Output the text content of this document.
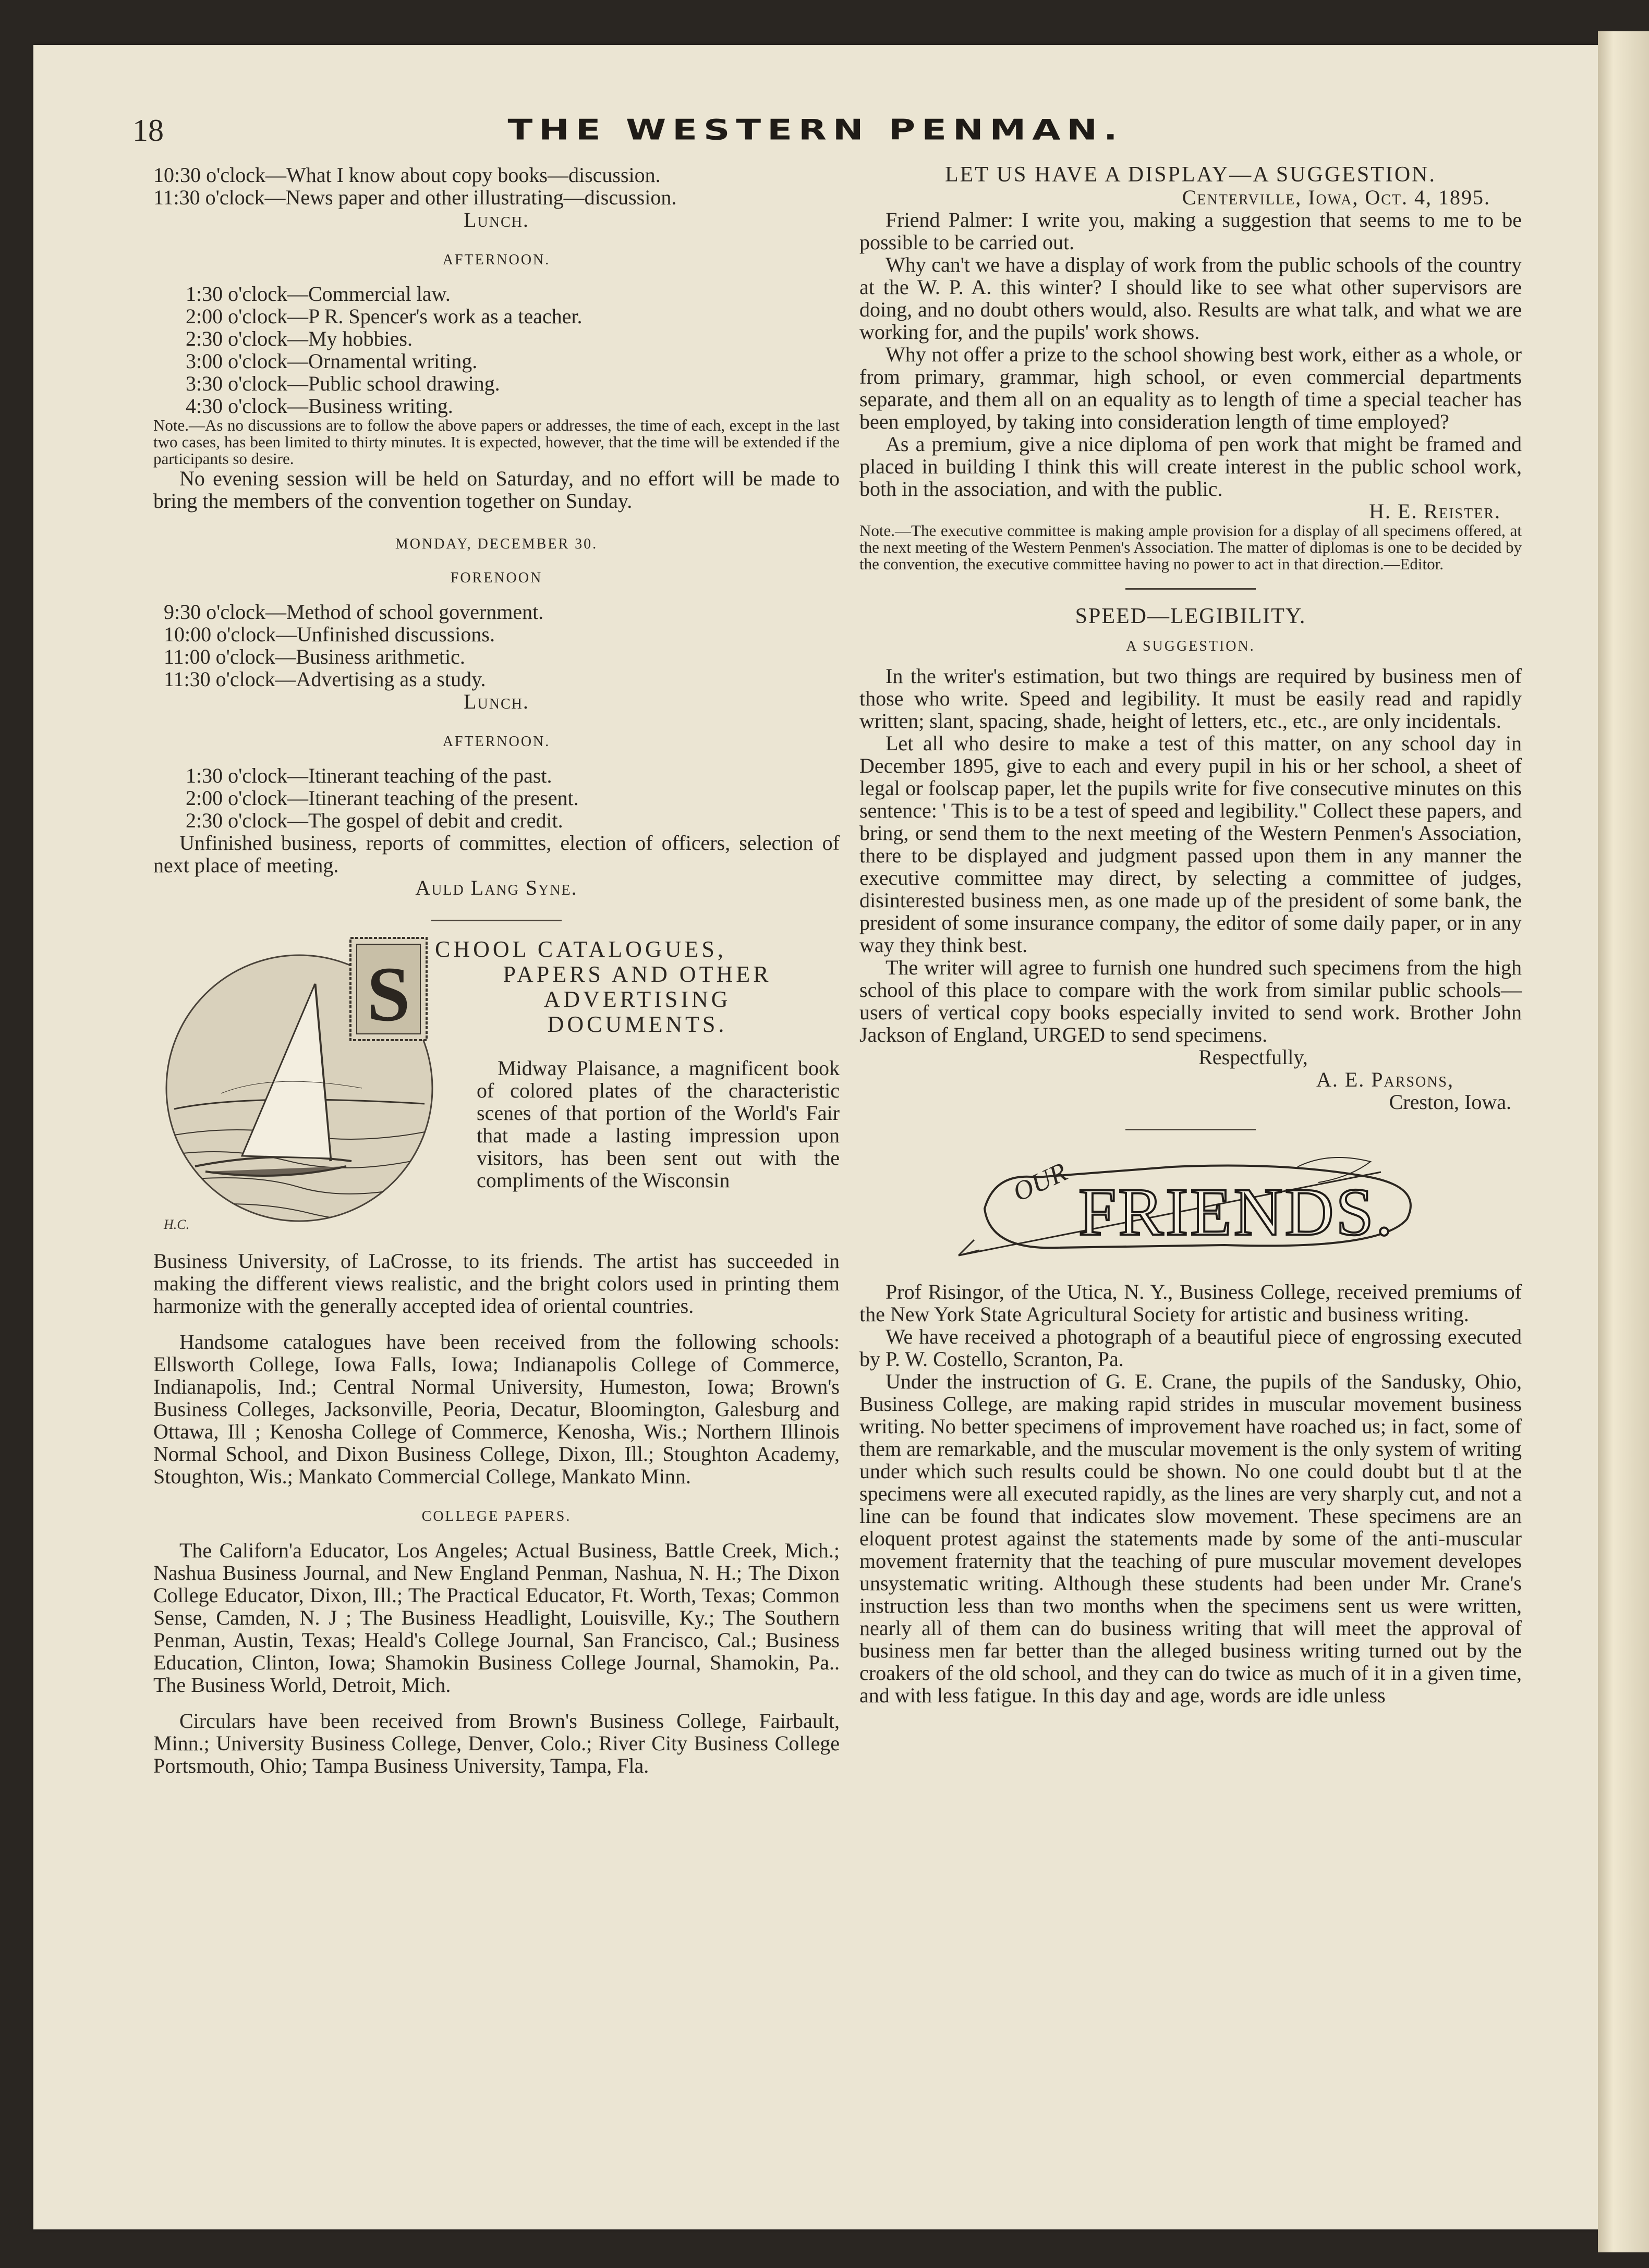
18	THE WESTERN PENMAN.

10:30 o'clock—What I know about copy books—discussion.

11:30 o'clock—News paper and other illustrating—discussion.

Lunch.

AFTERNOON.

1:30 o'clock—Commercial law.

2:00 o'clock—P R. Spencer's work as a teacher.

2:30 o'clock—My hobbies.

3:00 o'clock—Ornamental writing.

3:30 o'clock—Public school drawing.

4:30 o'clock—Business writing.

Note.—As no discussions are to follow the above papers or addresses, the time of each, except in the last two cases, has been limited to thirty minutes. It is expected, however, that the time will be extended if the participants so desire.

No evening session will be held on Saturday, and no effort will be made to bring the members of the convention together on Sunday.

MONDAY, DECEMBER 30.
FORENOON

9:30 o'clock—Method of school government.

10:00 o'clock—Unfinished discussions.

11:00 o'clock—Business arithmetic.

11:30 o'clock—Advertising as a study.

Lunch.

AFTERNOON.

1:30 o'clock—Itinerant teaching of the past.

2:00 o'clock—Itinerant teaching of the present.

2:30 o'clock—The gospel of debit and credit.

Unfinished business, reports of committes, election of officers, selection of next place of meeting.

Auld Lang Syne.

H.C.
S
CHOOL CATALOGUES,
PAPERS AND OTHER
ADVERTISING
DOCUMENTS.

Midway Plaisance, a magnificent book of colored plates of the characteristic scenes of that portion of the World's Fair that made a lasting impression upon visitors, has been sent out with the compliments of the Wisconsin

Business University, of LaCrosse, to its friends. The artist has succeeded in making the different views realistic, and the bright colors used in printing them harmonize with the generally accepted idea of oriental countries.

Handsome catalogues have been received from the following schools: Ellsworth College, Iowa Falls, Iowa; Indianapolis College of Commerce, Indianapolis, Ind.; Central Normal University, Humeston, Iowa; Brown's Business Colleges, Jacksonville, Peoria, Decatur, Bloomington, Galesburg and Ottawa, Ill ; Kenosha College of Commerce, Kenosha, Wis.; Northern Illinois Normal School, and Dixon Business College, Dixon, Ill.; Stoughton Academy, Stoughton, Wis.; Mankato Commercial College, Mankato Minn.

COLLEGE PAPERS.

The Californ'a Educator, Los Angeles; Actual Business, Battle Creek, Mich.; Nashua Business Journal, and New England Penman, Nashua, N. H.; The Dixon College Educator, Dixon, Ill.; The Practical Educator, Ft. Worth, Texas; Common Sense, Camden, N. J ; The Business Headlight, Louisville, Ky.; The Southern Penman, Austin, Texas; Heald's College Journal, San Francisco, Cal.; Business Education, Clinton, Iowa; Shamokin Business College Journal, Shamokin, Pa.. The Business World, Detroit, Mich.

Circulars have been received from Brown's Business College, Fairbault, Minn.; University Business College, Denver, Colo.; River City Business College Portsmouth, Ohio; Tampa Business University, Tampa, Fla.

LET US HAVE A DISPLAY—A SUGGESTION.

Centerville, Iowa, Oct. 4, 1895.

Friend Palmer: I write you, making a suggestion that seems to me to be possible to be carried out.

Why can't we have a display of work from the public schools of the country at the W. P. A. this winter? I should like to see what other supervisors are doing, and no doubt others would, also. Results are what talk, and what we are working for, and the pupils' work shows.

Why not offer a prize to the school showing best work, either as a whole, or from primary, grammar, high school, or even commercial departments separate, and them all on an equality as to length of time a special teacher has been employed, by taking into consideration length of time employed?

As a premium, give a nice diploma of pen work that might be framed and placed in building I think this will create interest in the public school work, both in the association, and with the public.

H. E. Reister.

Note.—The executive committee is making ample provision for a display of all specimens offered, at the next meeting of the Western Penmen's Association. The matter of diplomas is one to be decided by the convention, the executive committee having no power to act in that direction.—Editor.

SPEED—LEGIBILITY.
A SUGGESTION.

In the writer's estimation, but two things are required by business men of those who write. Speed and legibility. It must be easily read and rapidly written; slant, spacing, shade, height of letters, etc., etc., are only incidentals.

Let all who desire to make a test of this matter, on any school day in December 1895, give to each and every pupil in his or her school, a sheet of legal or foolscap paper, let the pupils write for five consecutive minutes on this sentence: ' This is to be a test of speed and legibility." Collect these papers, and bring, or send them to the next meeting of the Western Penmen's Association, there to be displayed and judgment passed upon them in any manner the executive committee may direct, by selecting a committee of judges, disinterested business men, as one made up of the president of some bank, the president of some insurance company, the editor of some daily paper, or in any way they think best.

The writer will agree to furnish one hundred such specimens from the high school of this place to compare with the work from similar public schools—users of vertical copy books especially invited to send work. Brother John Jackson of England, URGED to send specimens.

Respectfully,

A. E. Parsons,

Creston, Iowa.

OUR FRIENDS.

Prof Risingor, of the Utica, N. Y., Business College, received premiums of the New York State Agricultural Society for artistic and business writing.

We have received a photograph of a beautiful piece of engrossing executed by P. W. Costello, Scranton, Pa.

Under the instruction of G. E. Crane, the pupils of the Sandusky, Ohio, Business College, are making rapid strides in muscular movement business writing. No better specimens of improvement have roached us; in fact, some of them are remarkable, and the muscular movement is the only system of writing under which such results could be shown. No one could doubt but tl at the specimens were all executed rapidly, as the lines are very sharply cut, and not a line can be found that indicates slow movement. These specimens are an eloquent protest against the statements made by some of the anti-muscular movement fraternity that the teaching of pure muscular movement developes unsystematic writing. Although these students had been under Mr. Crane's instruction less than two months when the specimens sent us were written, nearly all of them can do business writing that will meet the approval of business men far better than the alleged business writing turned out by the croakers of the old school, and they can do twice as much of it in a given time, and with less fatigue. In this day and age, words are idle unless
